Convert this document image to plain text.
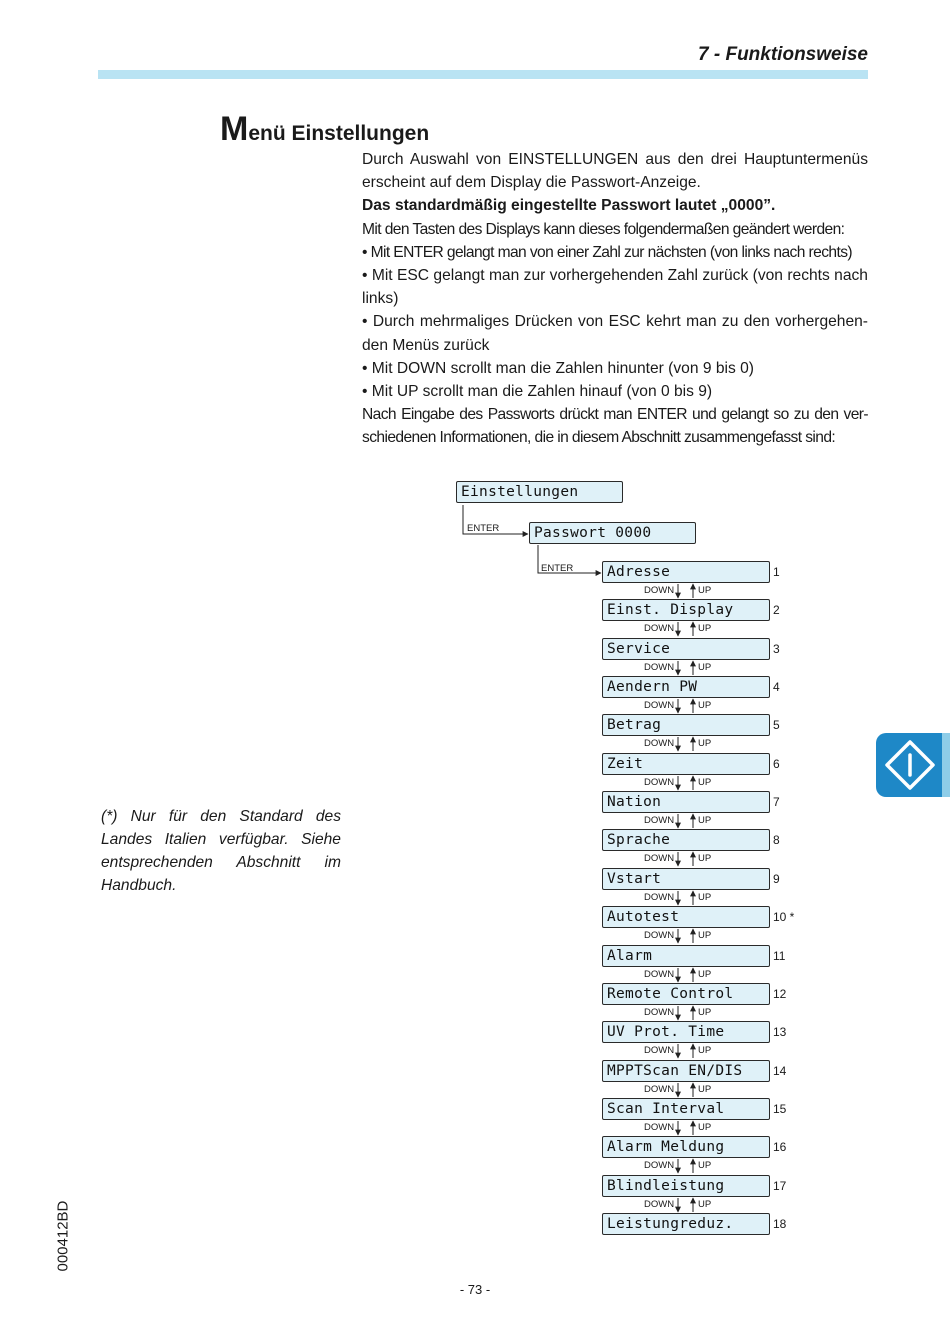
7 - Funktionsweise
Menü Einstellungen

Durch Auswahl von EINSTELLUNGEN aus den drei Hauptuntermenüs erscheint auf dem Display die Passwort-Anzeige.

Das standardmäßig eingestellte Passwort lautet „0000”.

Mit den Tasten des Displays kann dieses folgendermaßen geändert werden:

• Mit ENTER gelangt man von einer Zahl zur nächsten (von links nach rechts)

• Mit ESC gelangt man zur vorhergehenden Zahl zurück (von rechts nach links)

• Durch mehrmaliges Drücken von ESC kehrt man zu den vorhergehen-den Menüs zurück

• Mit DOWN scrollt man die Zahlen hinunter (von 9 bis 0)

• Mit UP scrollt man die Zahlen hinauf (von 0 bis 9)

Nach Eingabe des Passworts drückt man ENTER und gelangt so zu den ver-schiedenen Informationen, die in diesem Abschnitt zusammengefasst sind:

(*) Nur für den Standard des Landes Italien verfügbar. Siehe entsprechenden Abschnitt im Handbuch.
000412BD
- 73 -
Einstellungen
ENTER	Passwort 0000
ENTER	Adresse	1
DOWN	UP
Einst. Display	2
DOWN	UP
Service	3
DOWN	UP
Aendern PW	4
DOWN	UP
Betrag	5
DOWN	UP
Zeit	6
DOWN	UP
Nation	7
DOWN	UP
Sprache	8
DOWN	UP
Vstart	9
DOWN	UP
Autotest	10 *
DOWN	UP
Alarm	11
DOWN	UP
Remote Control	12
DOWN	UP
UV Prot. Time	13
DOWN	UP
MPPTScan EN/DIS	14
DOWN	UP
Scan Interval	15
DOWN	UP
Alarm Meldung	16
DOWN	UP
Blindleistung	17
DOWN	UP
Leistungreduz.	18
